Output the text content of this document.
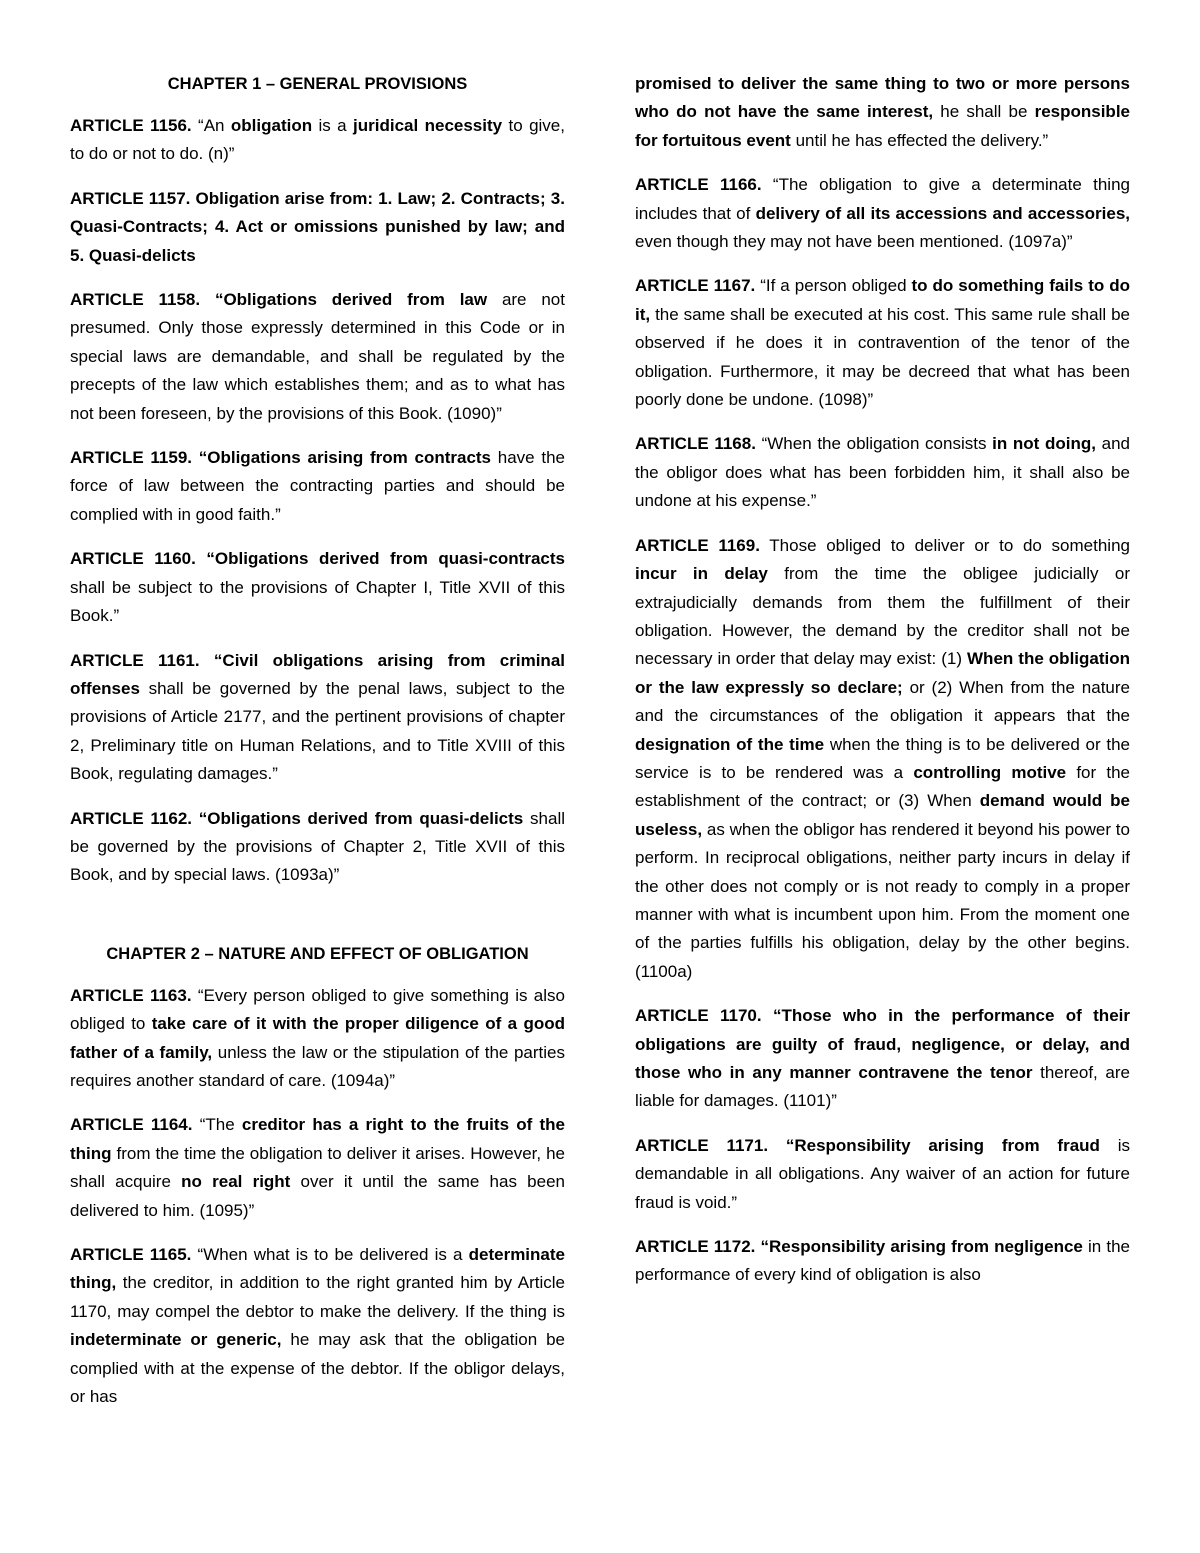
CHAPTER 1 – GENERAL PROVISIONS

ARTICLE 1156. “An obligation is a juridical necessity to give, to do or not to do. (n)”

ARTICLE 1157. Obligation arise from: 1. Law; 2. Contracts; 3. Quasi-Contracts; 4. Act or omissions punished by law; and 5. Quasi-delicts

ARTICLE 1158. “Obligations derived from law are not presumed. Only those expressly determined in this Code or in special laws are demandable, and shall be regulated by the precepts of the law which establishes them; and as to what has not been foreseen, by the provisions of this Book. (1090)”

ARTICLE 1159. “Obligations arising from contracts have the force of law between the contracting parties and should be complied with in good faith.”

ARTICLE 1160. “Obligations derived from quasi-contracts shall be subject to the provisions of Chapter I, Title XVII of this Book.”

ARTICLE 1161. “Civil obligations arising from criminal offenses shall be governed by the penal laws, subject to the provisions of Article 2177, and the pertinent provisions of chapter 2, Preliminary title on Human Relations, and to Title XVIII of this Book, regulating damages.”

ARTICLE 1162. “Obligations derived from quasi-delicts shall be governed by the provisions of Chapter 2, Title XVII of this Book, and by special laws. (1093a)”

CHAPTER 2 – NATURE AND EFFECT OF OBLIGATION

ARTICLE 1163. “Every person obliged to give something is also obliged to take care of it with the proper diligence of a good father of a family, unless the law or the stipulation of the parties requires another standard of care. (1094a)”

ARTICLE 1164. “The creditor has a right to the fruits of the thing from the time the obligation to deliver it arises. However, he shall acquire no real right over it until the same has been delivered to him. (1095)”

ARTICLE 1165. “When what is to be delivered is a determinate thing, the creditor, in addition to the right granted him by Article 1170, may compel the debtor to make the delivery. If the thing is indeterminate or generic, he may ask that the obligation be complied with at the expense of the debtor. If the obligor delays, or has

promised to deliver the same thing to two or more persons who do not have the same interest, he shall be responsible for fortuitous event until he has effected the delivery.”

ARTICLE 1166. “The obligation to give a determinate thing includes that of delivery of all its accessions and accessories, even though they may not have been mentioned. (1097a)”

ARTICLE 1167. “If a person obliged to do something fails to do it, the same shall be executed at his cost. This same rule shall be observed if he does it in contravention of the tenor of the obligation. Furthermore, it may be decreed that what has been poorly done be undone. (1098)”

ARTICLE 1168. “When the obligation consists in not doing, and the obligor does what has been forbidden him, it shall also be undone at his expense.”

ARTICLE 1169. Those obliged to deliver or to do something incur in delay from the time the obligee judicially or extrajudicially demands from them the fulfillment of their obligation. However, the demand by the creditor shall not be necessary in order that delay may exist: (1) When the obligation or the law expressly so declare; or (2) When from the nature and the circumstances of the obligation it appears that the designation of the time when the thing is to be delivered or the service is to be rendered was a controlling motive for the establishment of the contract; or (3) When demand would be useless, as when the obligor has rendered it beyond his power to perform. In reciprocal obligations, neither party incurs in delay if the other does not comply or is not ready to comply in a proper manner with what is incumbent upon him. From the moment one of the parties fulfills his obligation, delay by the other begins. (1100a)

ARTICLE 1170. “Those who in the performance of their obligations are guilty of fraud, negligence, or delay, and those who in any manner contravene the tenor thereof, are liable for damages. (1101)”

ARTICLE 1171. “Responsibility arising from fraud is demandable in all obligations. Any waiver of an action for future fraud is void.”

ARTICLE 1172. “Responsibility arising from negligence in the performance of every kind of obligation is also
